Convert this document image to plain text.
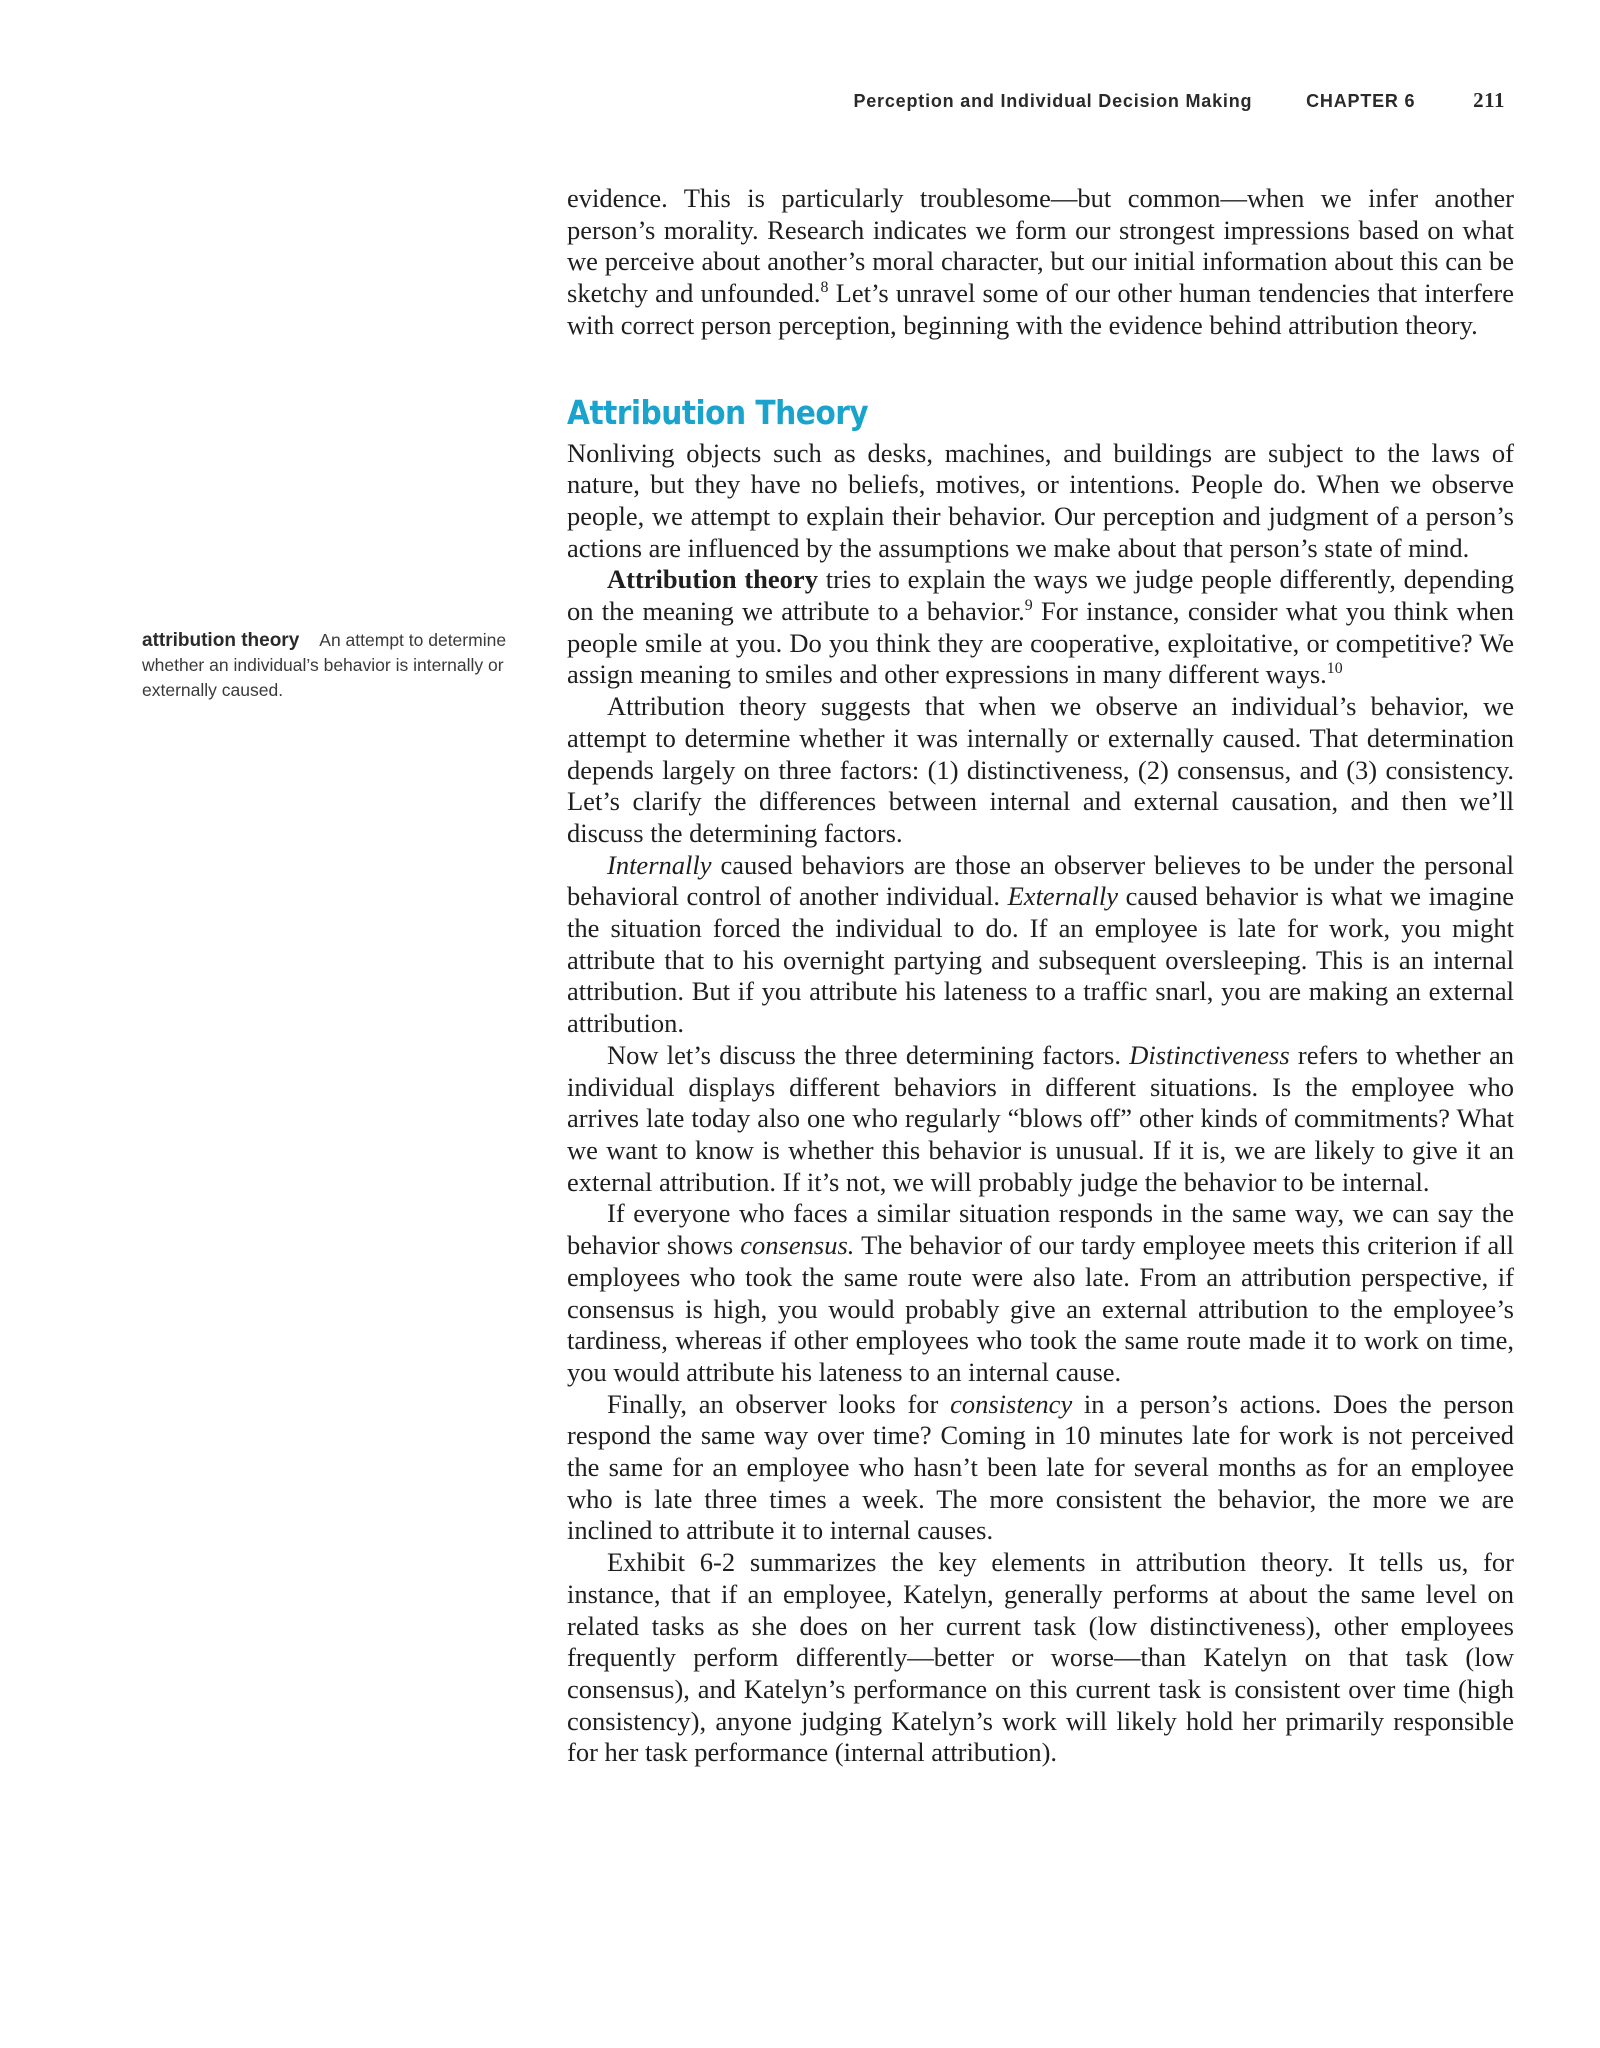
Perception and Individual Decision Making	CHAPTER 6	211
attribution theory An attempt to determine whether an individual’s behavior is internally or externally caused.

evidence. This is particularly troublesome—but common—when we infer another person’s morality. Research indicates we form our strongest impressions based on what we perceive about another’s moral character, but our initial information about this can be sketchy and unfounded.$^8$ Let’s unravel some of our other human tendencies that interfere with correct person perception, beginning with the evidence behind attribution theory.

Attribution Theory

Nonliving objects such as desks, machines, and buildings are subject to the laws of nature, but they have no beliefs, motives, or intentions. People do. When we observe people, we attempt to explain their behavior. Our perception and judgment of a person’s actions are influenced by the assumptions we make about that person’s state of mind.

Attribution theory tries to explain the ways we judge people differently, depending on the meaning we attribute to a behavior.$^9$ For instance, consider what you think when people smile at you. Do you think they are cooperative, exploitative, or competitive? We assign meaning to smiles and other expressions in many different ways.$^{10}$

Attribution theory suggests that when we observe an individual’s behavior, we attempt to determine whether it was internally or externally caused. That determination depends largely on three factors: (1) distinctiveness, (2) consensus, and (3) consistency. Let’s clarify the differences between internal and external causation, and then we’ll discuss the determining factors.

Internally caused behaviors are those an observer believes to be under the personal behavioral control of another individual. Externally caused behavior is what we imagine the situation forced the individual to do. If an employee is late for work, you might attribute that to his overnight partying and subsequent oversleeping. This is an internal attribution. But if you attribute his lateness to a traffic snarl, you are making an external attribution.

Now let’s discuss the three determining factors. Distinctiveness refers to whether an individual displays different behaviors in different situations. Is the employee who arrives late today also one who regularly “blows off” other kinds of commitments? What we want to know is whether this behavior is unusual. If it is, we are likely to give it an external attribution. If it’s not, we will probably judge the behavior to be internal.

If everyone who faces a similar situation responds in the same way, we can say the behavior shows consensus. The behavior of our tardy employee meets this criterion if all employees who took the same route were also late. From an attribution perspective, if consensus is high, you would probably give an external attribution to the employee’s tardiness, whereas if other employees who took the same route made it to work on time, you would attribute his lateness to an internal cause.

Finally, an observer looks for consistency in a person’s actions. Does the person respond the same way over time? Coming in 10 minutes late for work is not perceived the same for an employee who hasn’t been late for several months as for an employee who is late three times a week. The more consistent the behavior, the more we are inclined to attribute it to internal causes.

Exhibit 6-2 summarizes the key elements in attribution theory. It tells us, for instance, that if an employee, Katelyn, generally performs at about the same level on related tasks as she does on her current task (low distinctiveness), other employees frequently perform differently—better or worse—than Katelyn on that task (low consensus), and Katelyn’s performance on this current task is consistent over time (high consistency), anyone judging Katelyn’s work will likely hold her primarily responsible for her task performance (internal attribution).
